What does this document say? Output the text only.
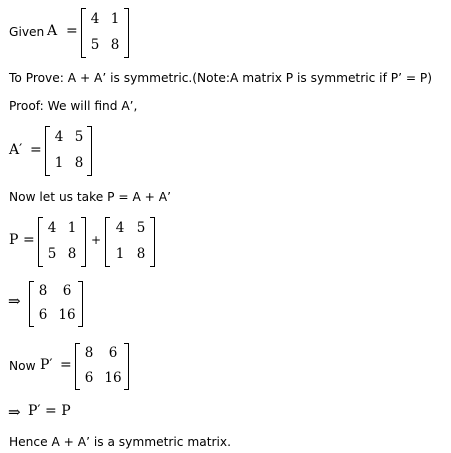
Given A =
4 1
5 8
To Prove: A + A’ is symmetric.(Note:A matrix P is symmetric if P’ = P)
Proof: We will find A’,
A′ =
4 5
1 8
Now let us take P = A + A’
P =
4 1
5 8
+
4 5
1 8
⇒
8	6
6 16
Now P′ =
8	6
6 16
⇒ P′ = P
Hence A + A’ is a symmetric matrix.
